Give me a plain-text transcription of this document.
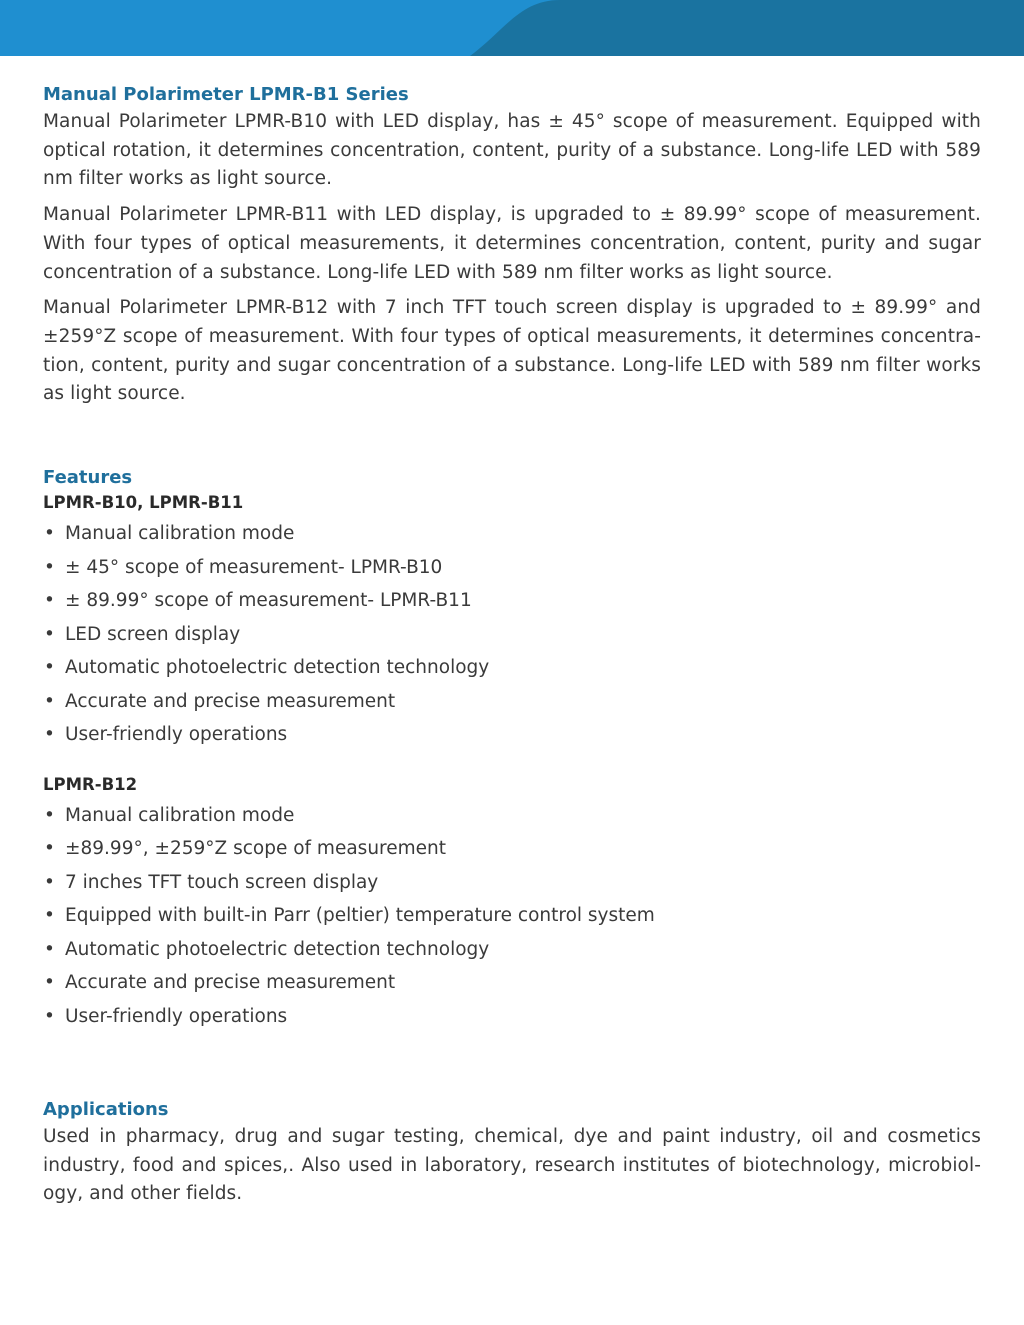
Manual Polarimeter LPMR-B1 Series

Manual Polarimeter LPMR-B10 with LED display, has ± 45° scope of measurement. Equipped with optical rotation, it determines concentration, content, purity of a substance. Long-life LED with 589 nm filter works as light source.

Manual Polarimeter LPMR-B11 with LED display, is upgraded to ± 89.99° scope of measurement. With four types of optical measurements, it determines concentration, content, purity and sugar concentration of a substance. Long-life LED with 589 nm filter works as light source.

Manual Polarimeter LPMR-B12 with 7 inch TFT touch screen display is upgraded to ± 89.99° and ±259°Z scope of measurement. With four types of optical measurements, it determines concentra-tion, content, purity and sugar concentration of a substance. Long-life LED with 589 nm filter works as light source.

Features
LPMR-B10, LPMR-B11
• Manual calibration mode
• ± 45° scope of measurement- LPMR-B10
• ± 89.99° scope of measurement- LPMR-B11
• LED screen display
• Automatic photoelectric detection technology
• Accurate and precise measurement
• User-friendly operations
LPMR-B12
• Manual calibration mode
• ±89.99°, ±259°Z scope of measurement
• 7 inches TFT touch screen display
• Equipped with built-in Parr (peltier) temperature control system
• Automatic photoelectric detection technology
• Accurate and precise measurement
• User-friendly operations
Applications

Used in pharmacy, drug and sugar testing, chemical, dye and paint industry, oil and cosmetics industry, food and spices,. Also used in laboratory, research institutes of biotechnology, microbiol-ogy, and other fields.
